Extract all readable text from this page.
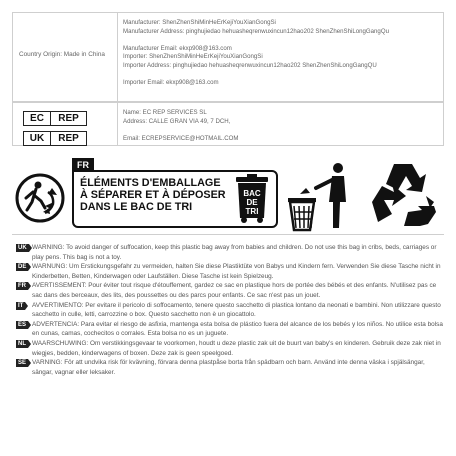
Country Origin: Made in China
Manufacturer: ShenZhenShiMinHeErKejiYouXianGongSi
Manufacturer Address: pinghujiedao hehuasheqrenwuxincun12hao202 ShenZhenShiLongGangQu
Manufacturer Email: ekxp908@163.com
Importer: ShenZhenShiMinHeErKejiYouXianGongSi
Importer Address: pinghujiedao hehuasheqrenwuxincun12hao202 ShenZhenShiLongGangQU
Importer Email: ekxp908@163.com
EC	REP
UK	REP
Name: EC REP SERVICES SL
Address: CALLE GRAN VIA 49, 7 DCH,
Email: ECREPSERVICE@HOTMAIL.COM
FR
ÉLÉMENTS D'EMBALLAGE
À SÉPARER ET À DÉPOSER
DANS LE BAC DE TRI
BAC
DE
TRI
UK WARNING: To avoid danger of suffocation, keep this plastic bag away from babies and children. Do not use this bag in cribs, beds, carriages or play pens. This bag is not a toy.
DE WARNUNG: Um Erstickungsgefahr zu vermeiden, halten Sie diese Plastiktüte von Babys und Kindern fern. Verwenden Sie diese Tasche nicht in Kinderbetten, Betten, Kinderwagen oder Laufställen. Diese Tasche ist kein Spielzeug.
FR AVERTISSEMENT: Pour éviter tout risque d'étouffement, gardez ce sac en plastique hors de portée des bébés et des enfants. N'utilisez pas ce sac dans des berceaux, des lits, des poussettes ou des parcs pour enfants. Ce sac n'est pas un jouet.
IT	AVVERTIMENTO: Per evitare il pericolo di soffocamento, tenere questo sacchetto di plastica lontano da neonati e bambini. Non utilizzare questo sacchetto in culle, letti, carrozzine o box. Questo sacchetto non è un giocattolo.
ES ADVERTENCIA: Para evitar el riesgo de asfixia, mantenga esta bolsa de plástico fuera del alcance de los bebés y los niños. No utilice esta bolsa en cunas, camas, cochecitos o corrales. Esta bolsa no es un juguete.
NL WAARSCHUWING: Om verstikkingsgevaar te voorkomen, houdt u deze plastic zak uit de buurt van baby's en kinderen. Gebruik deze zak niet in wiegjes, bedden, kinderwagens of boxen. Deze zak is geen speelgoed.
SE VARNING: För att undvika risk för kvävning, förvara denna plastpåse borta från spädbarn och barn. Använd inte denna väska i spjälsängar, sängar, vagnar eller leksaker.
